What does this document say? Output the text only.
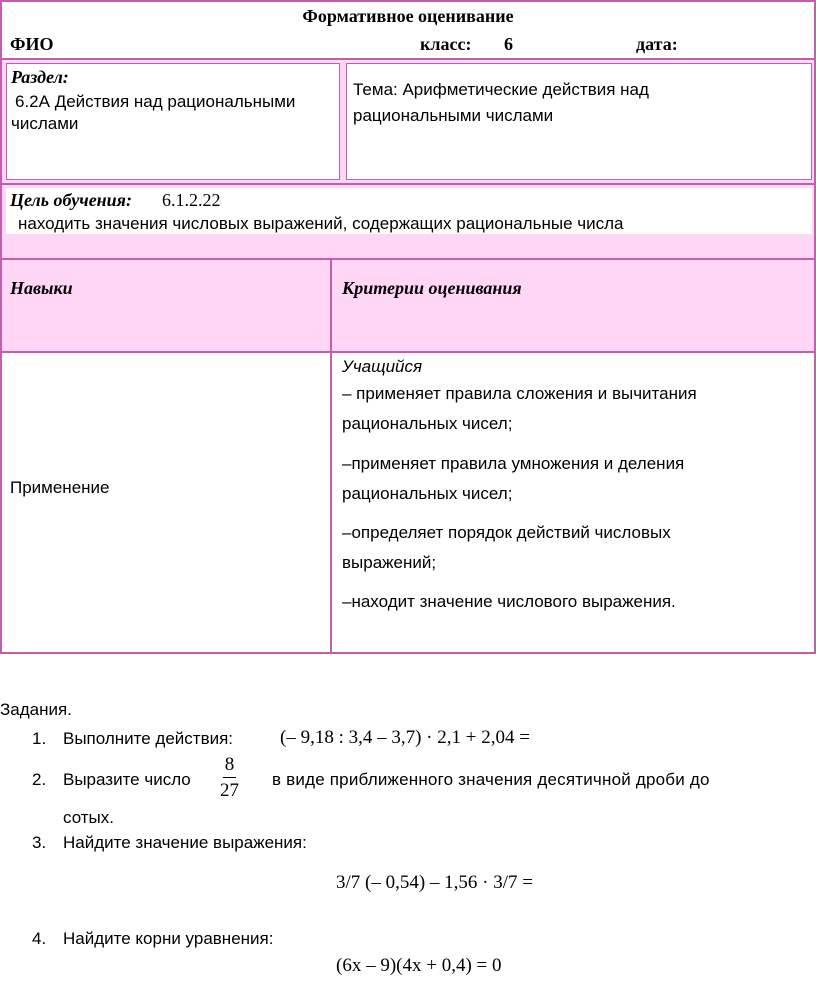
Формативное оценивание
ФИО	класс: 6	дата:
Раздел:
6.2А Действия над рациональными числами
Тема: Арифметические действия над рациональными числами
Цель обучения: 6.1.2.22
находить значения числовых выражений, содержащих рациональные числа
Навыки	Критерии оценивания
Применение
Учащийся
– применяет правила сложения и вычитания рациональных чисел;
–применяет правила умножения и деления рациональных чисел;
–определяет порядок действий числовых выражений;
–находит значение числового выражения.
Задания.
1. Выполните действия: (– 9,18 : 3,4 – 3,7) · 2,1 + 2,04 =
2. Выразите число $\frac{8}{27}$ в виде приближенного значения десятичной дроби до
сотых.
3. Найдите значение выражения:
3/7 (– 0,54) – 1,56 · 3/7 =
4. Найдите корни уравнения:
(6x – 9)(4x + 0,4) = 0
